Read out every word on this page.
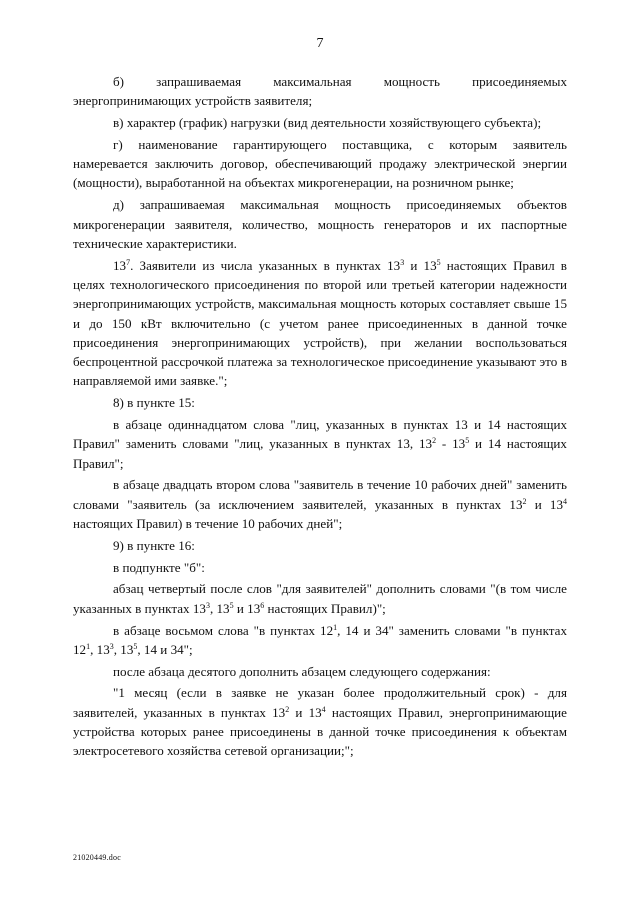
7

б) запрашиваемая максимальная мощность присоединяемых энергопринимающих устройств заявителя;

в) характер (график) нагрузки (вид деятельности хозяйствующего субъекта);

г) наименование гарантирующего поставщика, с которым заявитель намеревается заключить договор, обеспечивающий продажу электрической энергии (мощности), выработанной на объектах микрогенерации, на розничном рынке;

д) запрашиваемая максимальная мощность присоединяемых объектов микрогенерации заявителя, количество, мощность генераторов и их паспортные технические характеристики.

$13^7$. Заявители из числа указанных в пунктах $13^3$ и $13^5$ настоящих Правил в целях технологического присоединения по второй или третьей категории надежности энергопринимающих устройств, максимальная мощность которых составляет свыше 15 и до 150 кВт включительно (с учетом ранее присоединенных в данной точке присоединения энергопринимающих устройств), при желании воспользоваться беспроцентной рассрочкой платежа за технологическое присоединение указывают это в направляемой ими заявке.";

8) в пункте 15:

в абзаце одиннадцатом слова "лиц, указанных в пунктах 13 и 14 настоящих Правил" заменить словами "лиц, указанных в пунктах 13, $13^2 - 13^5$ и 14 настоящих Правил";

в абзаце двадцать втором слова "заявитель в течение 10 рабочих дней" заменить словами "заявитель (за исключением заявителей, указанных в пунктах $13^2$ и $13^4$ настоящих Правил) в течение 10 рабочих дней";

9) в пункте 16:

в подпункте "б":

абзац четвертый после слов "для заявителей" дополнить словами "(в том числе указанных в пунктах $13^3$, $13^5$ и $13^6$ настоящих Правил)";

в абзаце восьмом слова "в пунктах $12^1$, 14 и 34" заменить словами "в пунктах $12^1$, $13^3$, $13^5$, 14 и 34";

после абзаца десятого дополнить абзацем следующего содержания:

"1 месяц (если в заявке не указан более продолжительный срок) - для заявителей, указанных в пунктах $13^2$ и $13^4$ настоящих Правил, энергопринимающие устройства которых ранее присоединены в данной точке присоединения к объектам электросетевого хозяйства сетевой организации;";

21020449.doc
